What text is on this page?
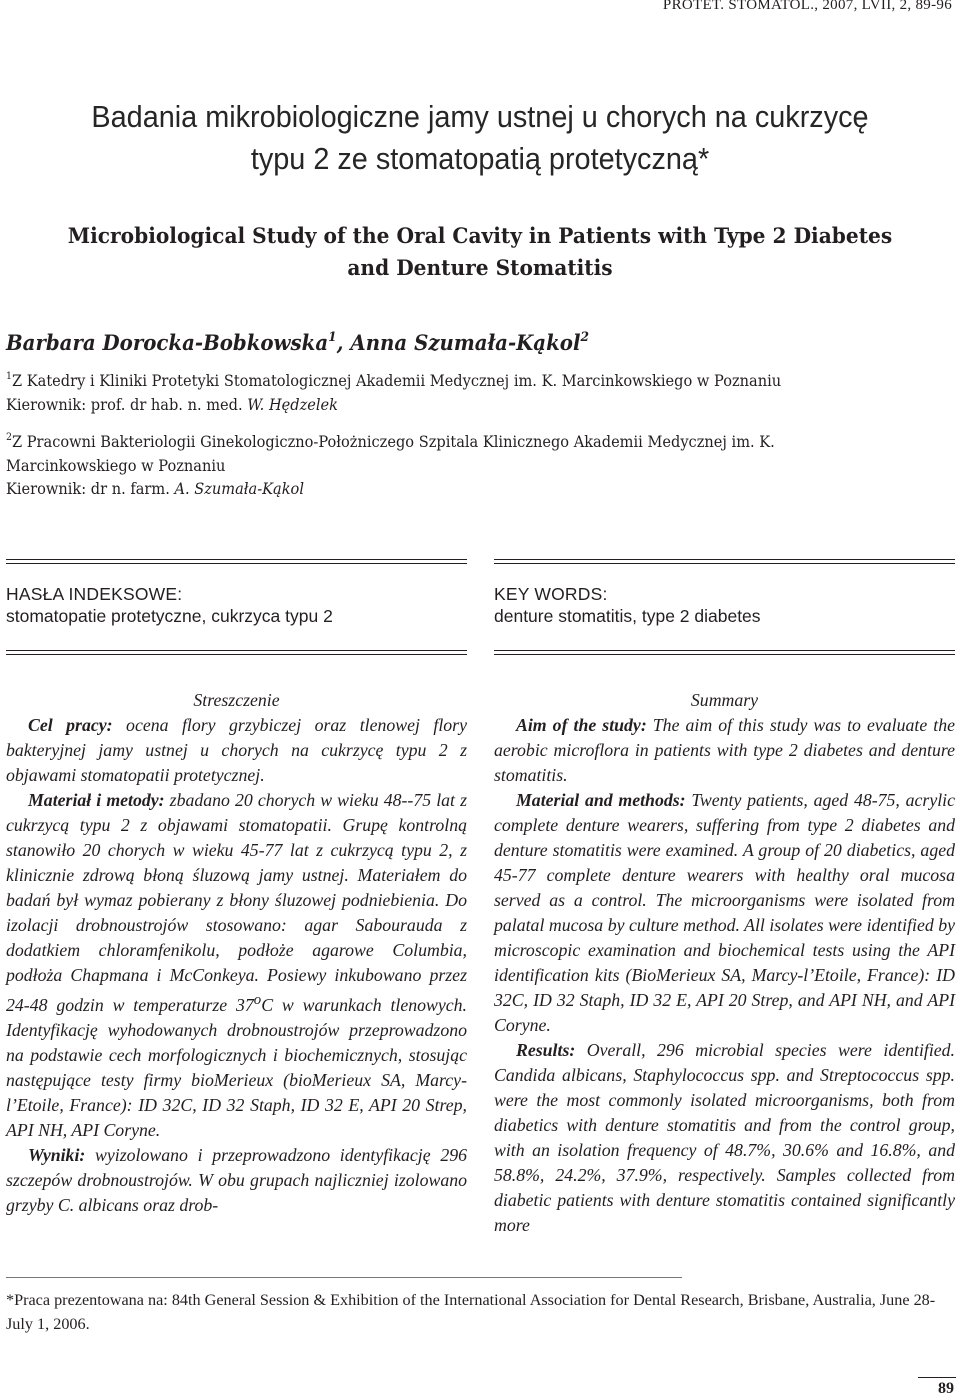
PROTET. STOMATOL., 2007, LVII, 2, 89-96
Badania mikrobiologiczne jamy ustnej u chorych na cukrzycę
typu 2 ze stomatopatią protetyczną*
Microbiological Study of the Oral Cavity in Patients with Type 2 Diabetes
and Denture Stomatitis
Barbara Dorocka-Bobkowska$^1$, Anna Szumała-Kąkol$^2$
$^1$Z Katedry i Kliniki Protetyki Stomatologicznej Akademii Medycznej im. K. Marcinkowskiego w Poznaniu
Kierownik: prof. dr hab. n. med. W. Hędzelek
$^2$Z Pracowni Bakteriologii Ginekologiczno-Położniczego Szpitala Klinicznego Akademii Medycznej im. K.
Marcinkowskiego w Poznaniu
Kierownik: dr n. farm. A. Szumała-Kąkol
HASŁA INDEKSOWE:
stomatopatie protetyczne, cukrzyca typu 2
KEY WORDS:
denture stomatitis, type 2 diabetes

Streszczenie

Cel pracy: ocena flory grzybiczej oraz tlenowej flory bakteryjnej jamy ustnej u chorych na cukrzycę typu 2 z objawami stomatopatii protetycznej.

Materiał i metody: zbadano 20 chorych w wieku 48--75 lat z cukrzycą typu 2 z objawami stomatopatii. Grupę kontrolną stanowiło 20 chorych w wieku 45-77 lat z cukrzycą typu 2, z klinicznie zdrową błoną śluzową jamy ustnej. Materiałem do badań był wymaz pobierany z błony śluzowej podniebienia. Do izolacji drobnoustrojów stosowano: agar Sabourauda z dodatkiem chloramfenikolu, podłoże agarowe Columbia, podłoża Chapmana i McConkeya. Posiewy inkubowano przez 24-48 godzin w temperaturze 37$^o$C w warunkach tlenowych. Identyfikację wyhodowanych drobnoustrojów przeprowadzono na podstawie cech morfologicznych i biochemicznych, stosując następujące testy firmy bioMerieux (bioMerieux SA, Marcy-l’Etoile, France): ID 32C, ID 32 Staph, ID 32 E, API 20 Strep, API NH, API Coryne.

Wyniki: wyizolowano i przeprowadzono identyfikację 296 szczepów drobnoustrojów. W obu grupach najliczniej izolowano grzyby C. albicans oraz drob-

Summary

Aim of the study: The aim of this study was to evaluate the aerobic microflora in patients with type 2 diabetes and denture stomatitis.

Material and methods: Twenty patients, aged 48-75, acrylic complete denture wearers, suffering from type 2 diabetes and denture stomatitis were examined. A group of 20 diabetics, aged 45-77 complete denture wearers with healthy oral mucosa served as a control. The microorganisms were isolated from palatal mucosa by culture method. All isolates were identified by microscopic examination and biochemical tests using the API identification kits (BioMerieux SA, Marcy-l’Etoile, France): ID 32C, ID 32 Staph, ID 32 E, API 20 Strep, and API NH, and API Coryne.

Results: Overall, 296 microbial species were identified. Candida albicans, Staphylococcus spp. and Streptococcus spp. were the most commonly isolated microorganisms, both from diabetics with denture stomatitis and from the control group, with an isolation frequency of 48.7%, 30.6% and 16.8%, and 58.8%, 24.2%, 37.9%, respectively. Samples collected from diabetic patients with denture stomatitis contained significantly more

*Praca prezentowana na: 84th General Session & Exhibition of the International Association for Dental Research, Brisbane, Australia, June 28-July 1, 2006.
89
